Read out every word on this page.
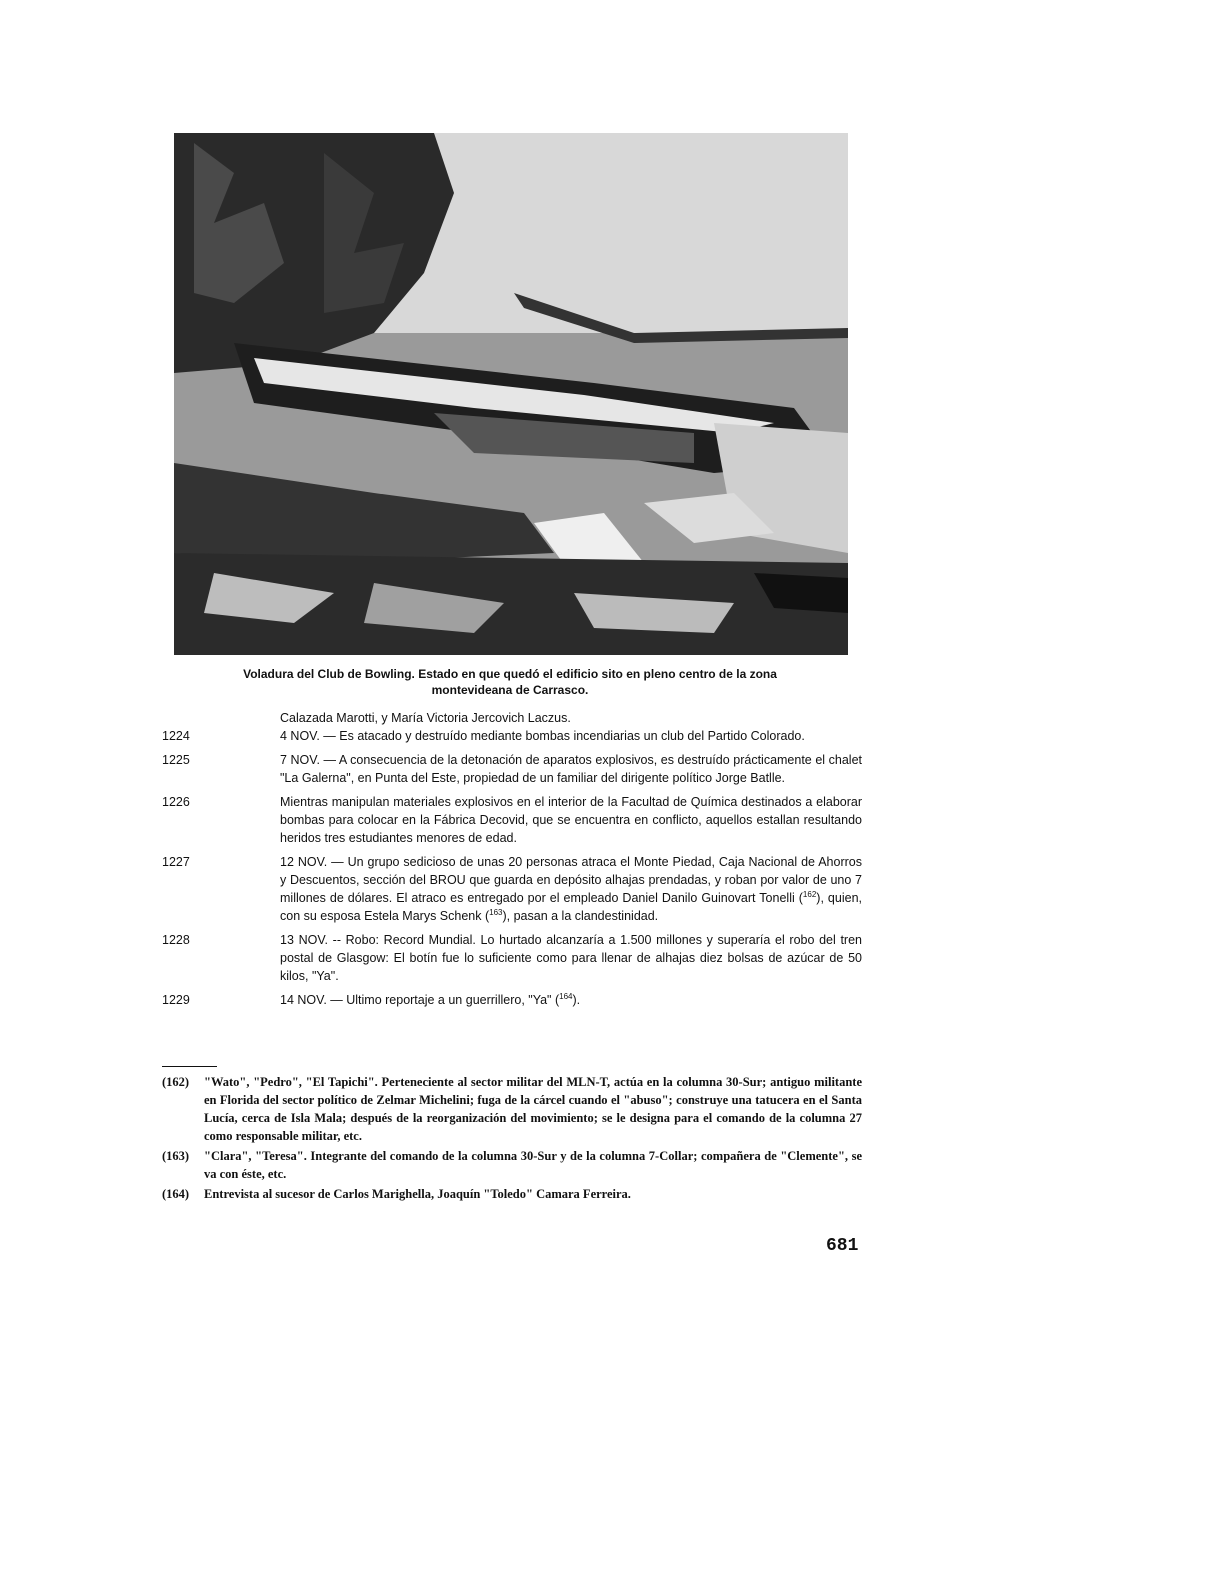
Voladura del Club de Bowling. Estado en que quedó el edificio sito en pleno centro de la zona
montevideana de Carrasco.
Calazada Marotti, y María Victoria Jercovich Laczus.
1224	4 NOV. — Es atacado y destruído mediante bombas incendiarias un club del Partido Colorado.
1225	7 NOV. — A consecuencia de la detonación de aparatos explosivos, es destruído prácticamente el chalet "La Galerna", en Punta del Este, propiedad de un familiar del dirigente político Jorge Batlle.
1226	Mientras manipulan materiales explosivos en el interior de la Facultad de Química destinados a elaborar bombas para colocar en la Fábrica Decovid, que se encuentra en conflicto, aquellos estallan resultando heridos tres estudiantes menores de edad.
1227	12 NOV. — Un grupo sedicioso de unas 20 personas atraca el Monte Piedad, Caja Nacional de Ahorros y Descuentos, sección del BROU que guarda en depósito alhajas prendadas, y roban por valor de uno 7 millones de dólares. El atraco es entregado por el empleado Daniel Danilo Guinovart Tonelli ($^{162}$), quien, con su esposa Estela Marys Schenk ($^{163}$), pasan a la clandestinidad.
1228	13 NOV. -- Robo: Record Mundial. Lo hurtado alcanzaría a 1.500 millones y superaría el robo del tren postal de Glasgow: El botín fue lo suficiente como para llenar de alhajas diez bolsas de azúcar de 50 kilos, "Ya".
1229	14 NOV. — Ultimo reportaje a un guerrillero, "Ya" ($^{164}$).
(162) "Wato", "Pedro", "El Tapichi". Perteneciente al sector militar del MLN-T, actúa en la columna 30-Sur; antiguo militante en Florida del sector político de Zelmar Michelini; fuga de la cárcel cuando el "abuso"; construye una tatucera en el Santa Lucía, cerca de Isla Mala; después de la reorganización del movimiento; se le designa para el comando de la columna 27 como responsable militar, etc.
(163) "Clara", "Teresa". Integrante del comando de la columna 30-Sur y de la columna 7-Collar; compañera de "Clemente", se va con éste, etc.
(164) Entrevista al sucesor de Carlos Marighella, Joaquín "Toledo" Camara Ferreira.
681
